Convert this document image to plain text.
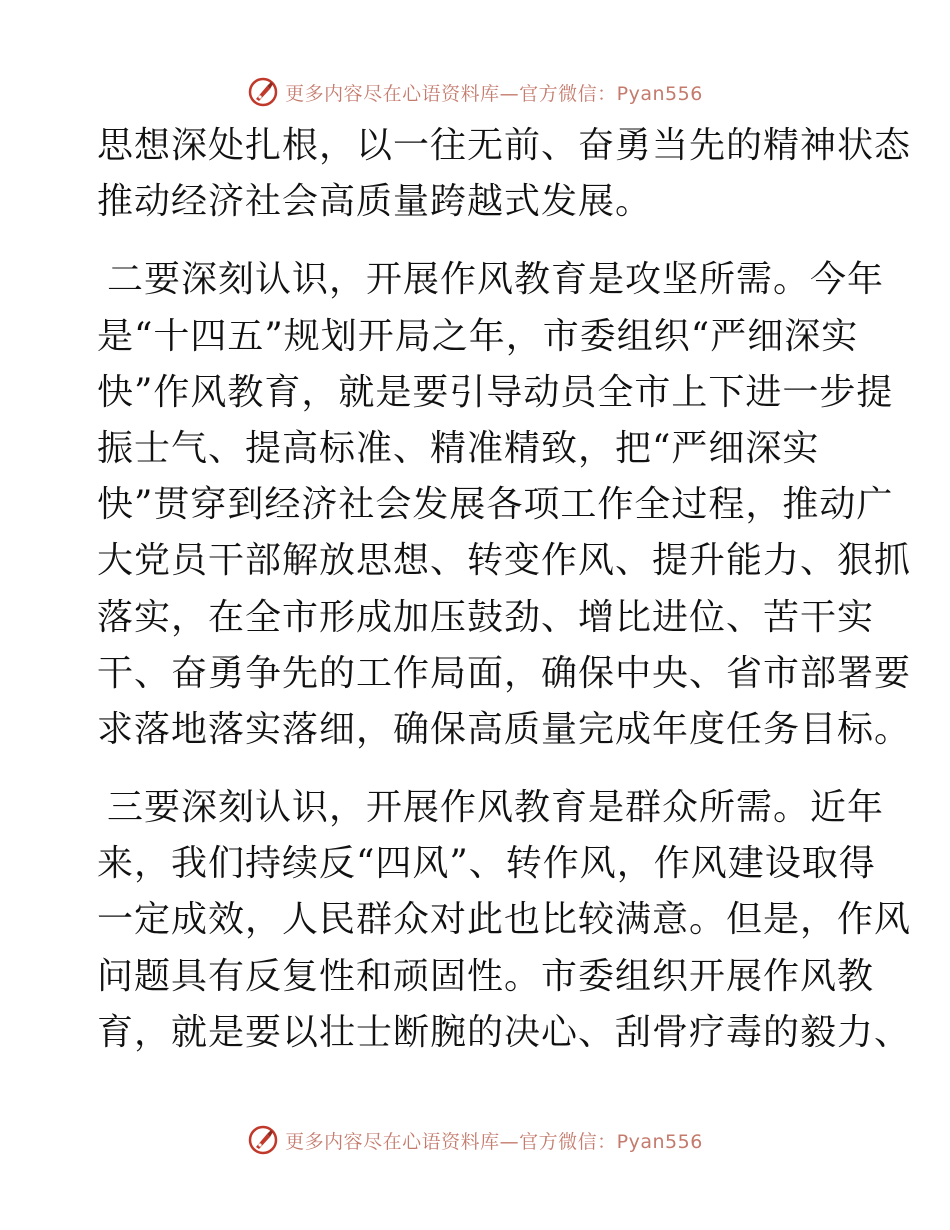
更多内容尽在心语资料库—官方微信：Pyan556
思想深处扎根，以一往无前、奋勇当先的精神状态
推动经济社会高质量跨越式发展。
二要深刻认识，开展作风教育是攻坚所需。今年
是“十四五”规划开局之年，市委组织“严细深实
快”作风教育，就是要引导动员全市上下进一步提
振士气、提高标准、精准精致，把“严细深实
快”贯穿到经济社会发展各项工作全过程，推动广
大党员干部解放思想、转变作风、提升能力、狠抓
落实，在全市形成加压鼓劲、增比进位、苦干实
干、奋勇争先的工作局面，确保中央、省市部署要
求落地落实落细，确保高质量完成年度任务目标。
三要深刻认识，开展作风教育是群众所需。近年
来，我们持续反“四风”、转作风，作风建设取得
一定成效，人民群众对此也比较满意。但是，作风
问题具有反复性和顽固性。市委组织开展作风教
育，就是要以壮士断腕的决心、刮骨疗毒的毅力、
更多内容尽在心语资料库—官方微信：Pyan556
